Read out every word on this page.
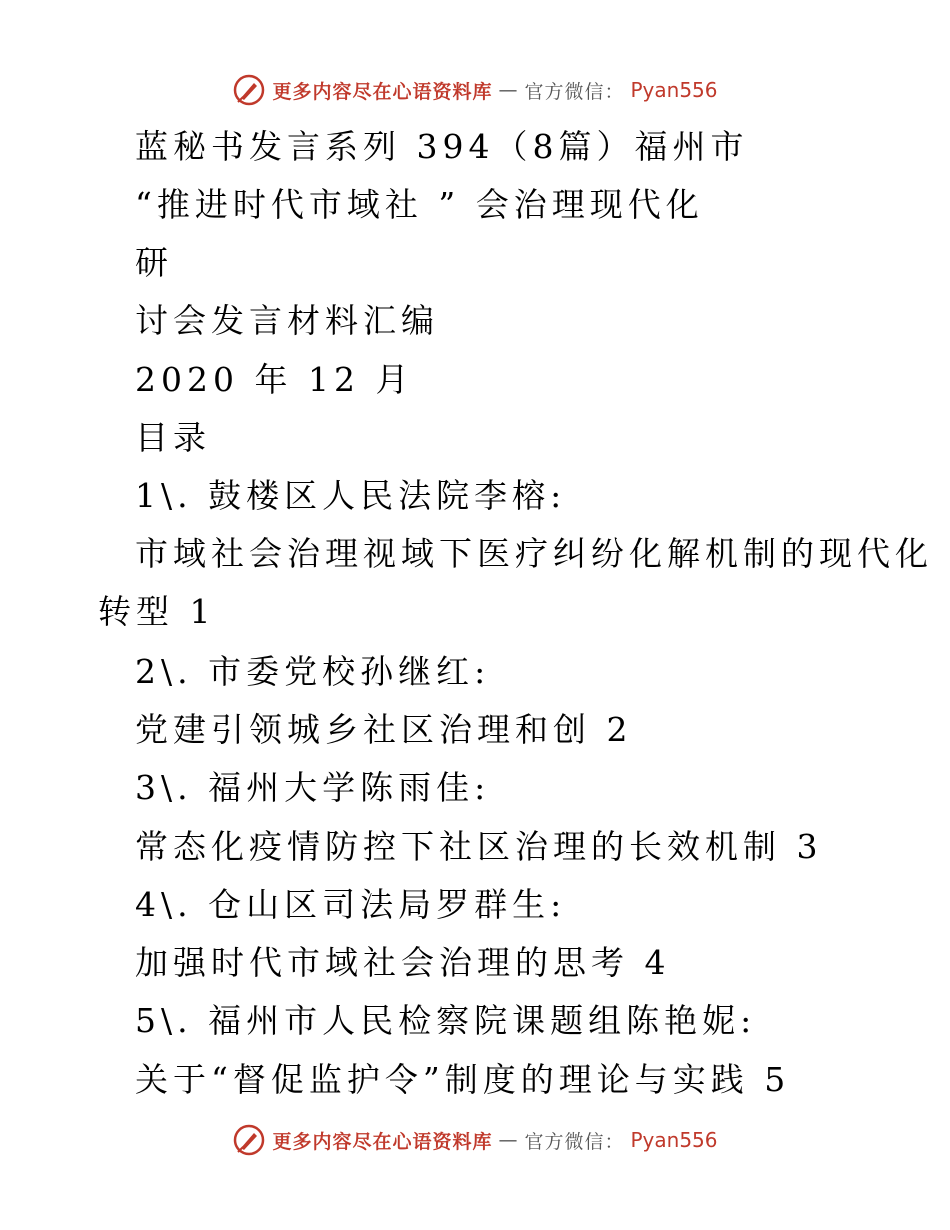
更多内容尽在心语资料库 — 官方微信： Pyan556
蓝秘书发言系列 394（8篇）福州市
“推进时代市域社 ” 会治理现代化
研
讨会发言材料汇编
2020 年 12 月
目录
1\. 鼓楼区人民法院李榕:
市域社会治理视域下医疗纠纷化解机制的现代化
转型 1
2\. 市委党校孙继红:
党建引领城乡社区治理和创 2
3\. 福州大学陈雨佳:
常态化疫情防控下社区治理的长效机制 3
4\. 仓山区司法局罗群生:
加强时代市域社会治理的思考 4
5\. 福州市人民检察院课题组陈艳妮:
关于“督促监护令”制度的理论与实践 5
更多内容尽在心语资料库 — 官方微信： Pyan556
